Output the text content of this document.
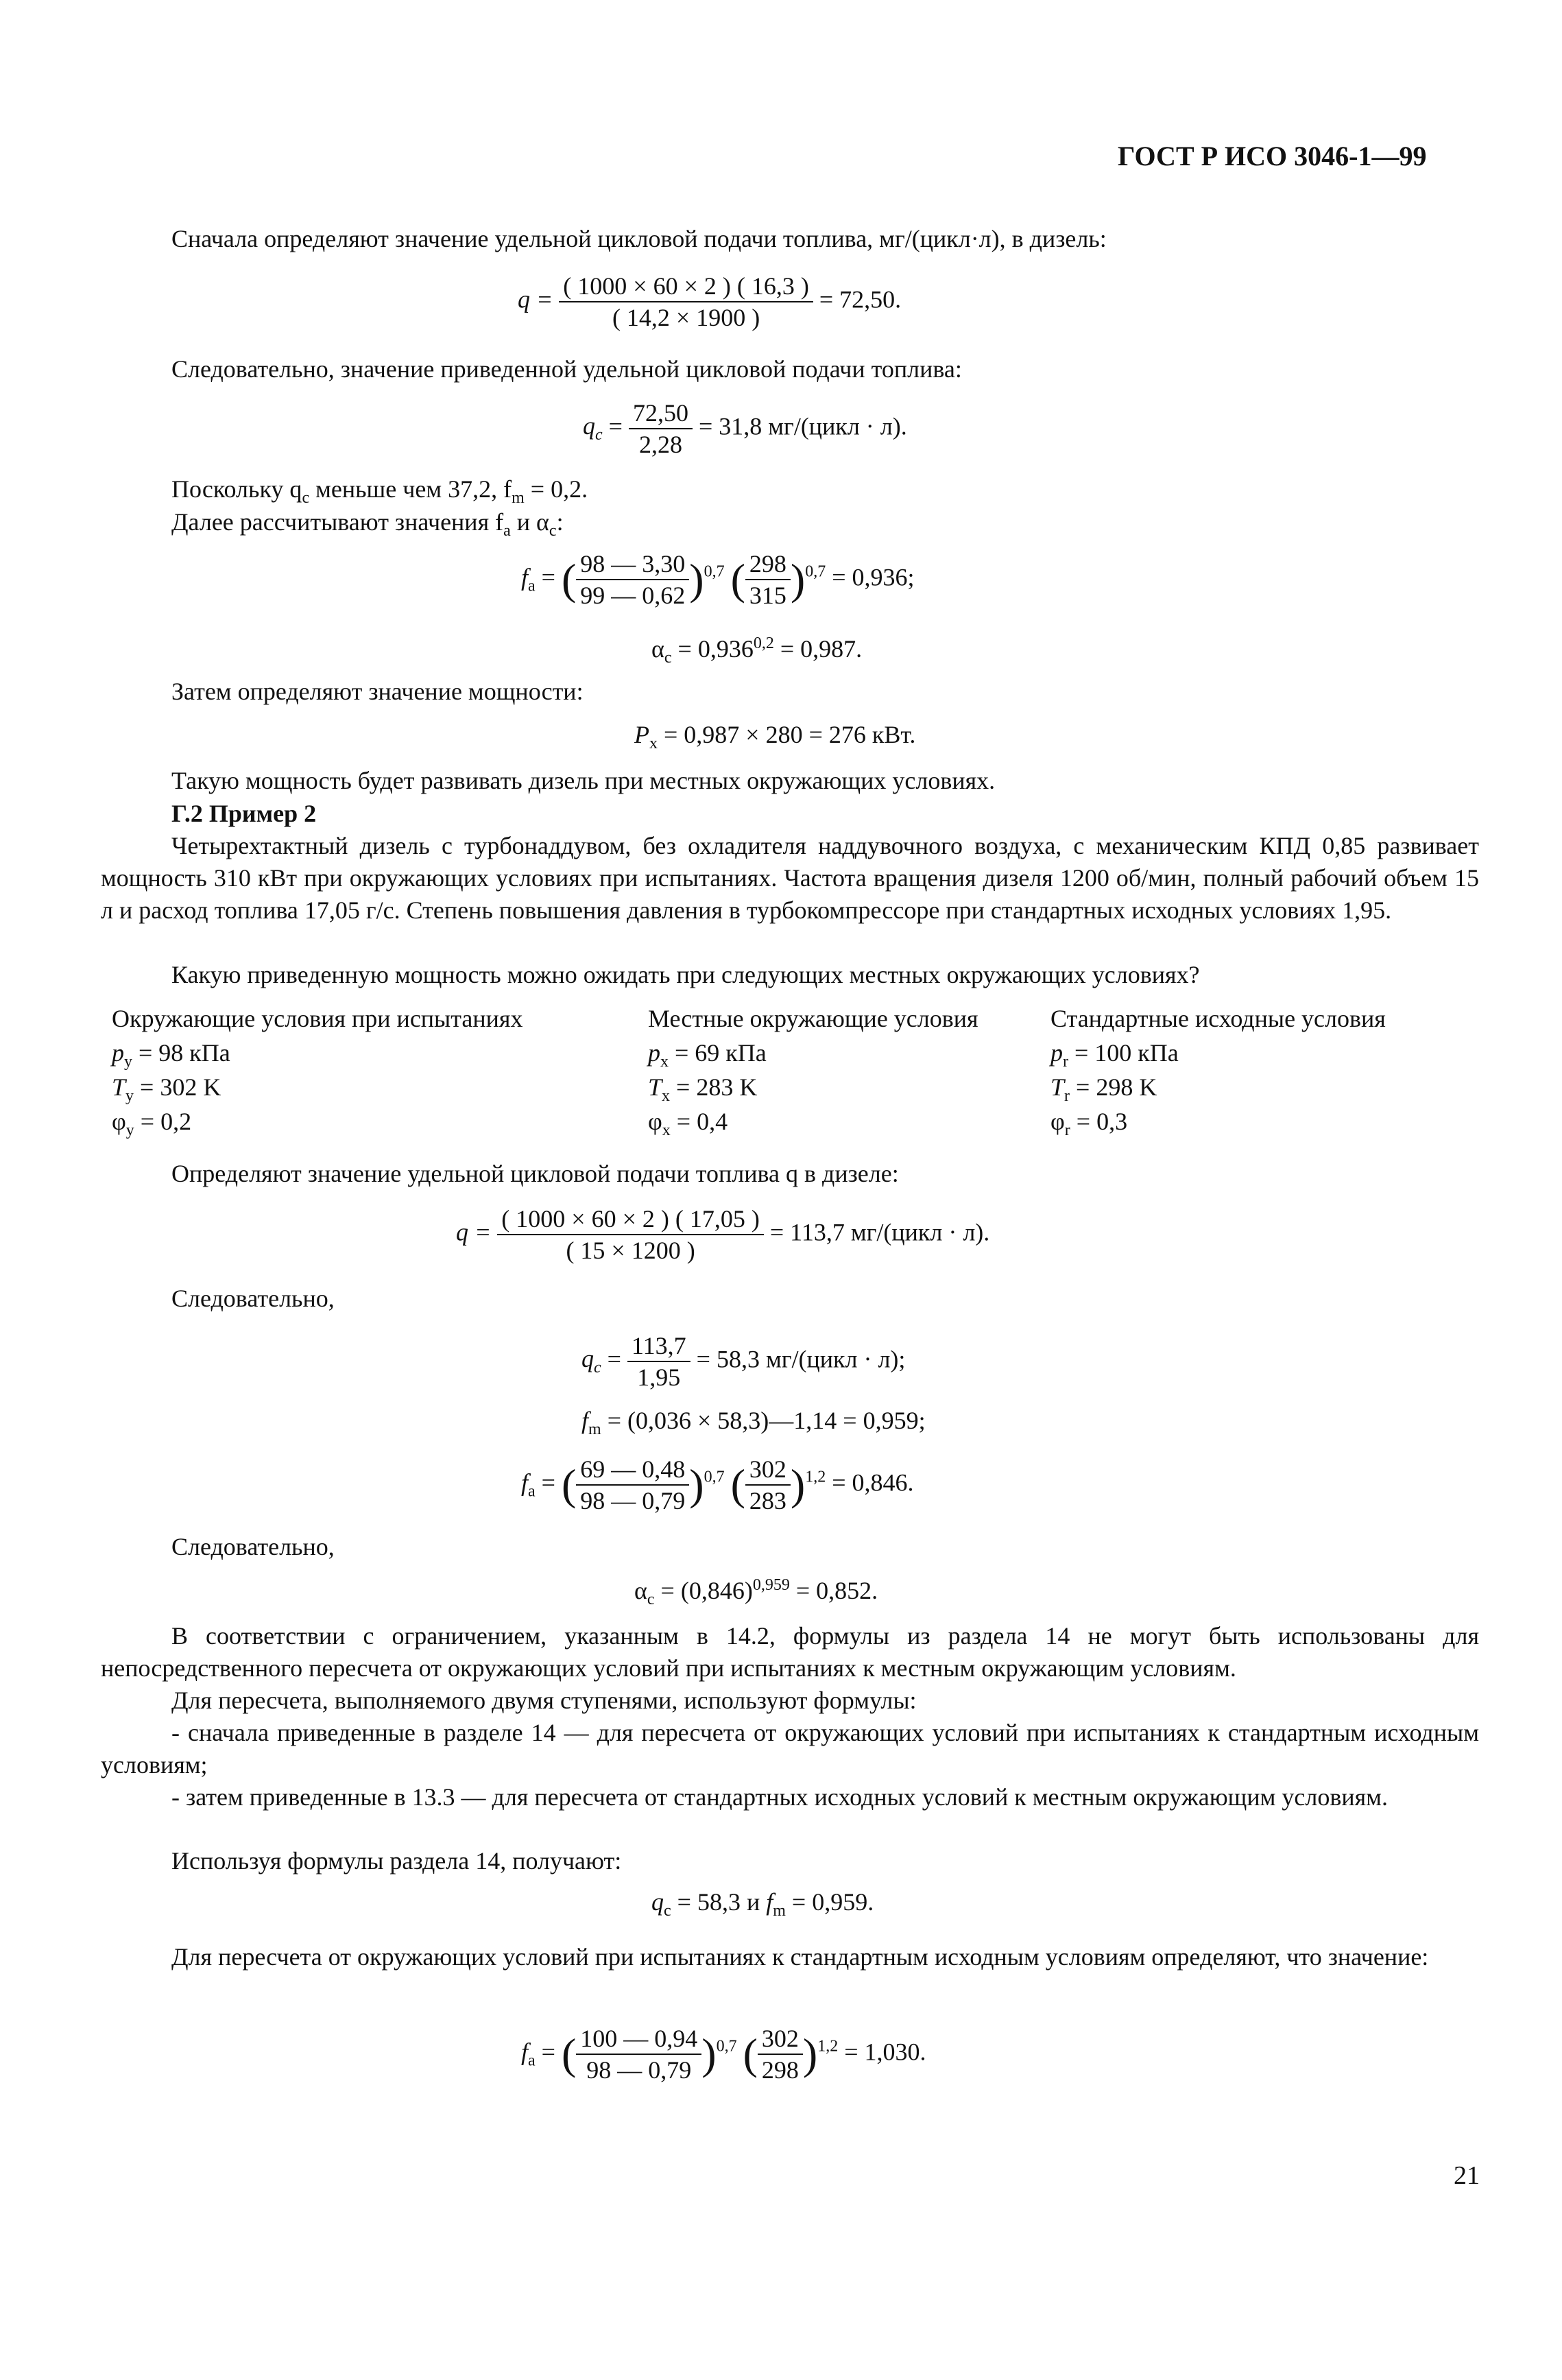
ГОСТ Р ИСО 3046-1—99
Сначала определяют значение удельной цикловой подачи топлива, мг/(цикл·л), в дизель:
$q = \frac{( 1000 \times 60 \times 2 ) ( 16,3 )}{( 14,2 \times 1900 )} = 72,50$.
Следовательно, значение приведенной удельной цикловой подачи топлива:
$q_c = \frac{72,50}{2,28} = 31,8$ мг/(цикл · л).
Поскольку $q_c$ меньше чем 37,2, $f_m = 0,2$.
Далее рассчитывают значения $f_a$ и $\alpha_c$:
$f_a$ = ( $\frac{98 — 3,30}{99 — 0,62} )^{0,7}$ ( $\frac{298}{315} )^{0,7} = 0,936$;
$\alpha_c = 0,936^{0,2} = 0,987$.
Затем определяют значение мощности:
$P_x = 0,987 \times 280 = 276$ кВт.
Такую мощность будет развивать дизель при местных окружающих условиях.
Г.2 Пример 2
Четырехтактный дизель с турбонаддувом, без охладителя наддувочного воздуха, с механическим КПД 0,85 развивает мощность 310 кВт при окружающих условиях при испытаниях. Частота вращения дизеля 1200 об/мин, полный рабочий объем 15 л и расход топлива 17,05 г/с. Степень повышения давления в турбокомпрессоре при стандартных исходных условиях 1,95.
Какую приведенную мощность можно ожидать при следующих местных окружающих условиях?
Окружающие условия при испытаниях
$p_y = 98$ кПа
$T_y = 302$ K
$\varphi_y = 0,2$
Местные окружающие условия
$p_x = 69$ кПа
$T_x = 283$ K
$\varphi_x = 0,4$
Стандартные исходные условия
$p_r = 100$ кПа
$T_r = 298$ K
$\varphi_r = 0,3$
Определяют значение удельной цикловой подачи топлива q в дизеле:
$q = \frac{( 1000 \times 60 \times 2 ) ( 17,05 )}{( 15 \times 1200 )} = 113,7$ мг/(цикл · л).
Следовательно,
$q_c = \frac{113,7}{1,95} = 58,3$ мг/(цикл · л);
$f_m = (0,036$ × 58,3)—1,14 = 0,959;
$f_a$ = ( $\frac{69 — 0,48}{98 — 0,79} )^{0,7}$ ( $\frac{302}{283} )^{1,2} = 0,846$.
Следовательно,
$\alpha_c = (0,846)^{0,959} = 0,852$.
В соответствии с ограничением, указанным в 14.2, формулы из раздела 14 не могут быть использованы для непосредственного пересчета от окружающих условий при испытаниях к местным окружающим условиям.
Для пересчета, выполняемого двумя ступенями, используют формулы:
- сначала приведенные в разделе 14 — для пересчета от окружающих условий при испытаниях к стандартным исходным условиям;
- затем приведенные в 13.3 — для пересчета от стандартных исходных условий к местным окружающим условиям.
Используя формулы раздела 14, получают:
$q_c = 58,3$ и $f_m = 0,959$.
Для пересчета от окружающих условий при испытаниях к стандартным исходным условиям определяют, что значение:
$f_a$ = ( $\frac{100 — 0,94}{98 — 0,79} )^{0,7}$ ( $\frac{302}{298} )^{1,2} = 1,030$.
21
